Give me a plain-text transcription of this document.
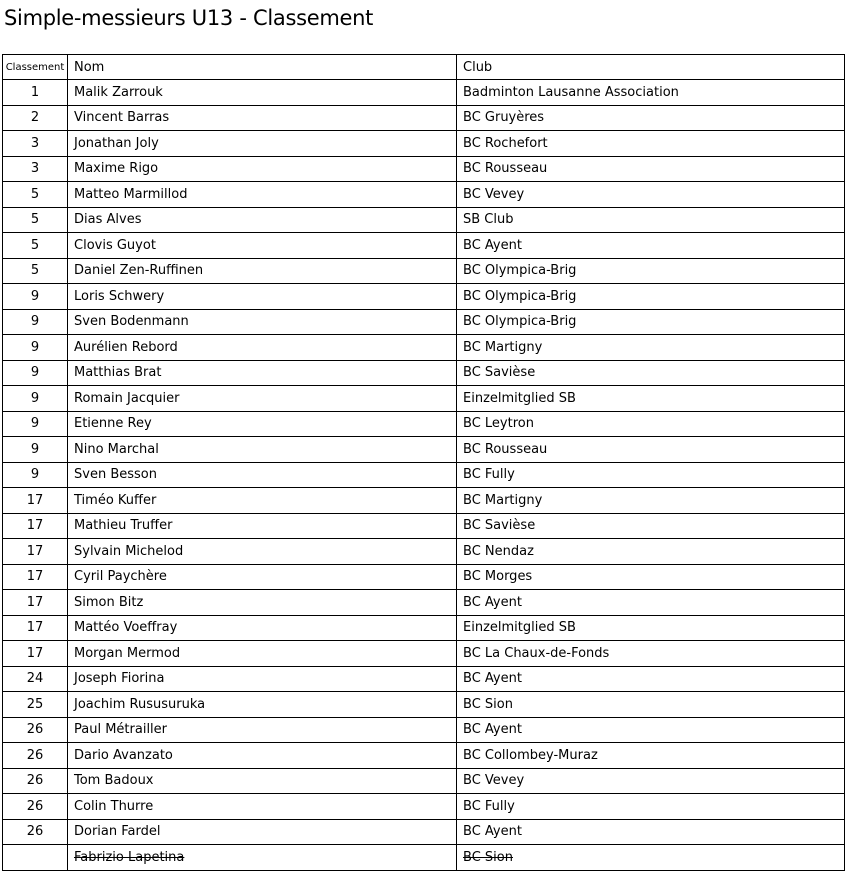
Simple-messieurs U13 - Classement
Classement	Nom	Club
1	Malik Zarrouk	Badminton Lausanne Association
2	Vincent Barras	BC Gruyères
3	Jonathan Joly	BC Rochefort
3	Maxime Rigo	BC Rousseau
5	Matteo Marmillod	BC Vevey
5	Dias Alves	SB Club
5	Clovis Guyot	BC Ayent
5	Daniel Zen-Ruffinen	BC Olympica-Brig
9	Loris Schwery	BC Olympica-Brig
9	Sven Bodenmann	BC Olympica-Brig
9	Aurélien Rebord	BC Martigny
9	Matthias Brat	BC Savièse
9	Romain Jacquier	Einzelmitglied SB
9	Etienne Rey	BC Leytron
9	Nino Marchal	BC Rousseau
9	Sven Besson	BC Fully
17	Timéo Kuffer	BC Martigny
17	Mathieu Truffer	BC Savièse
17	Sylvain Michelod	BC Nendaz
17	Cyril Paychère	BC Morges
17	Simon Bitz	BC Ayent
17	Mattéo Voeffray	Einzelmitglied SB
17	Morgan Mermod	BC La Chaux-de-Fonds
24	Joseph Fiorina	BC Ayent
25	Joachim Rususuruka	BC Sion
26	Paul Métrailler	BC Ayent
26	Dario Avanzato	BC Collombey-Muraz
26	Tom Badoux	BC Vevey
26	Colin Thurre	BC Fully
26	Dorian Fardel	BC Ayent
	Fabrizio Lapetina	BC Sion
